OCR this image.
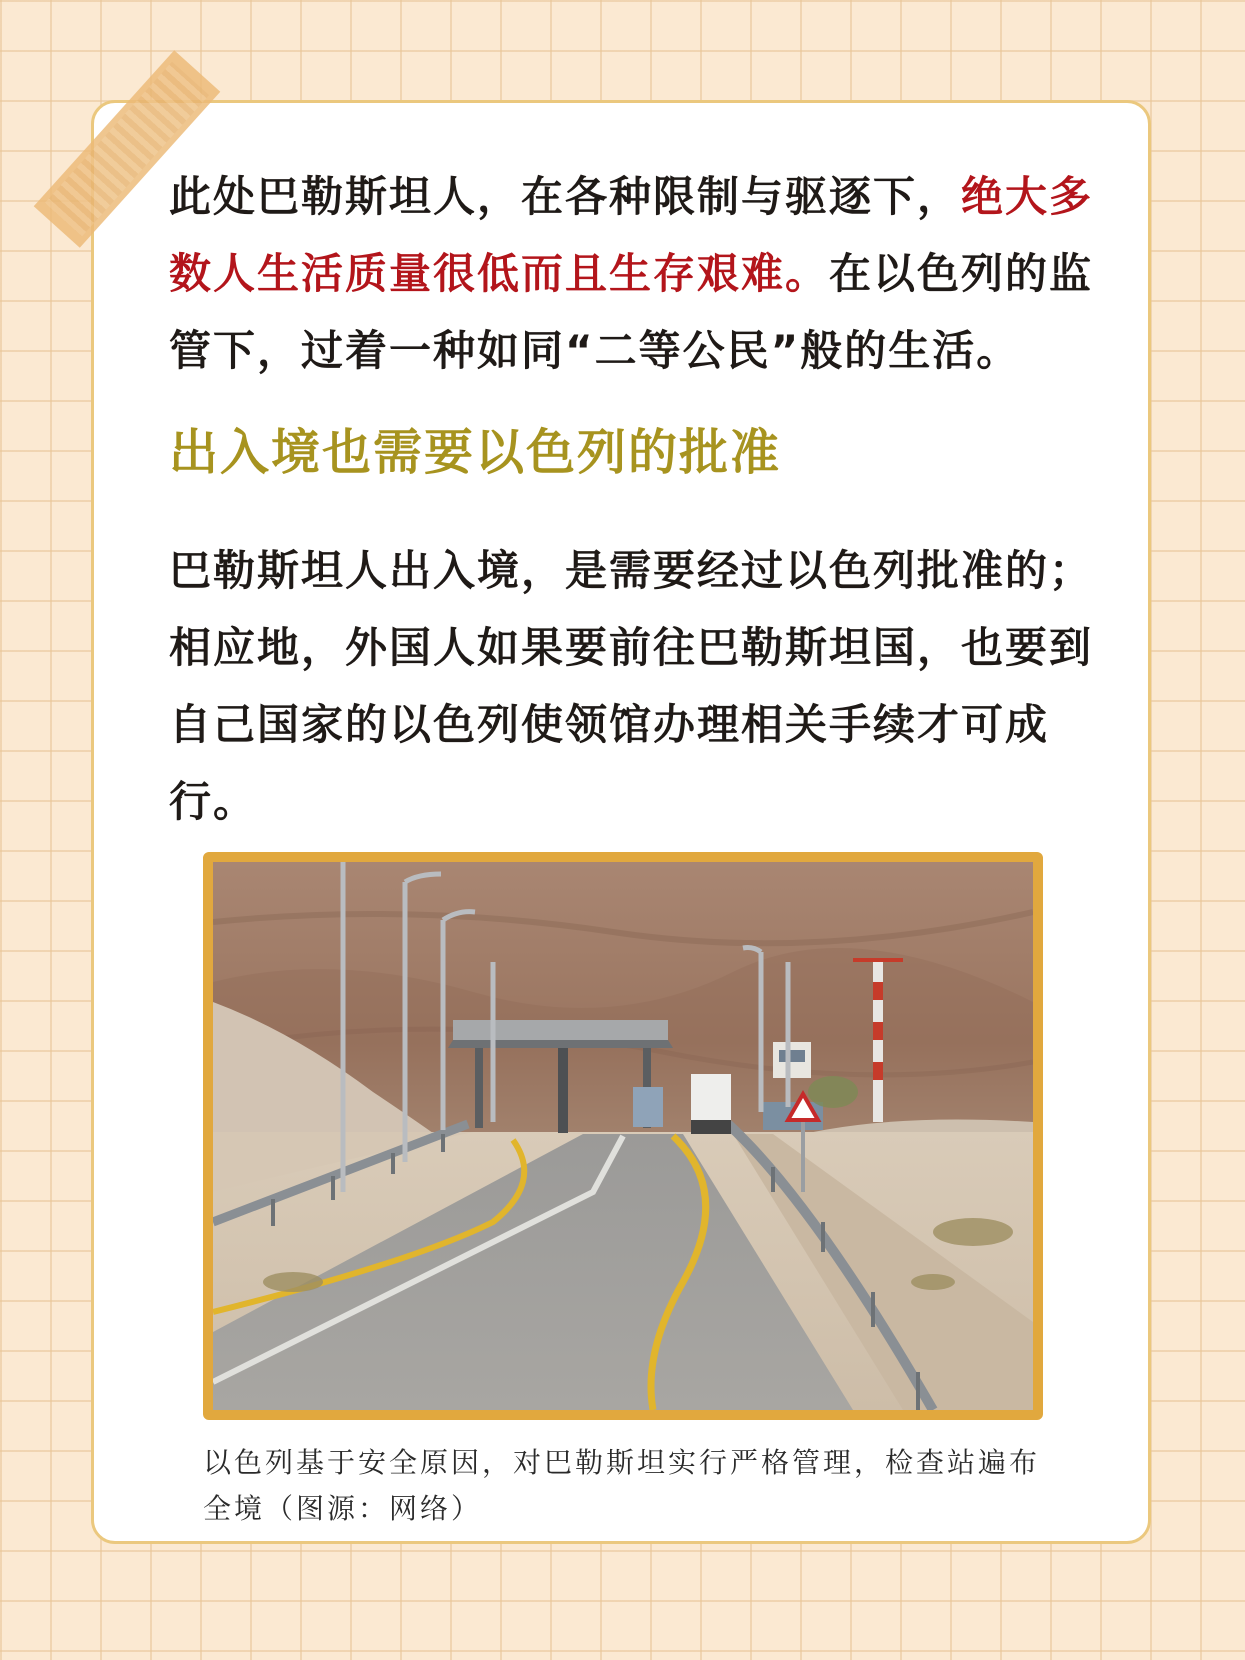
此处巴勒斯坦人，在各种限制与驱逐下，绝大多数人生活质量很低而且生存艰难。在以色列的监管下，过着一种如同“二等公民”般的生活。

出入境也需要以色列的批准

巴勒斯坦人出入境，是需要经过以色列批准的；相应地，外国人如果要前往巴勒斯坦国，也要到自己国家的以色列使领馆办理相关手续才可成行。

以色列基于安全原因，对巴勒斯坦实行严格管理，检查站遍布全境（图源：网络）
